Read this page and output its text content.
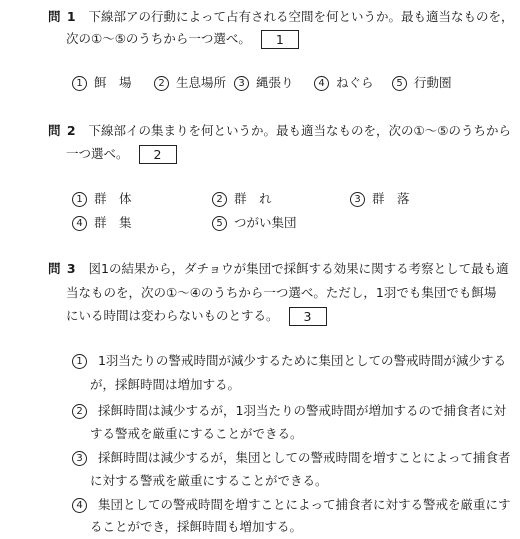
問 1 下線部アの行動によって占有される空間を何というか。最も適当なものを，
次の①～⑤のうちから一つ選べ。 1
1 餌　場	2 生息場所	3 縄張り	4 ねぐら	5 行動圏
問 2 下線部イの集まりを何というか。最も適当なものを，次の①～⑤のうちから
一つ選べ。 2
1 群　体	2 群　れ	3 群　落
4 群　集	5 つがい集団
問 3 図1の結果から，ダチョウが集団で採餌する効果に関する考察として最も適
当なものを，次の①～④のうちから一つ選べ。ただし，1羽でも集団でも餌場
にいる時間は変わらないものとする。 3
1 1羽当たりの警戒時間が減少するために集団としての警戒時間が減少する
が，採餌時間は増加する。
2 採餌時間は減少するが，1羽当たりの警戒時間が増加するので捕食者に対
する警戒を厳重にすることができる。
3 採餌時間は減少するが，集団としての警戒時間を増すことによって捕食者
に対する警戒を厳重にすることができる。
4 集団としての警戒時間を増すことによって捕食者に対する警戒を厳重にす
ることができ，採餌時間も増加する。
